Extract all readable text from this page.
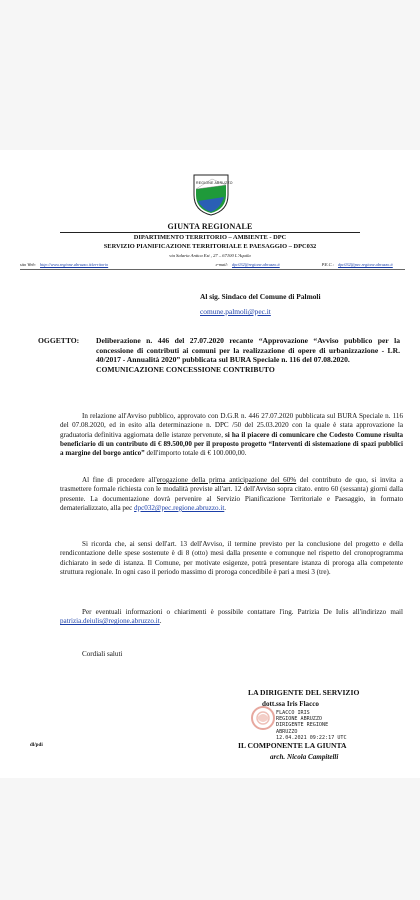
REGIONE ABRUZZO
GIUNTA REGIONALE
DIPARTIMENTO TERRITORIO – AMBIENTE - DPC
SERVIZIO PIANIFICAZIONE TERRITORIALE E PAESAGGIO – DPC032
via Salaria Antica Est , 27 – 67100 L'Aquila
sito Web: http://www.regione.abruzzo.it/territorio	e-mail: dpc032@regione.abruzzo.it	P.E.C.: dpc032@pec.regione.abruzzo.it
Al sig. Sindaco del Comune di Palmoli
comune.palmoli@pec.it
OGGETTO: Deliberazione n. 446 del 27.07.2020 recante “Approvazione “Avviso pubblico per la concessione di contributi ai comuni per la realizzazione di opere di urbanizzazione - LR. 40/2017 - Annualità 2020” pubblicata sul BURA Speciale n. 116 del 07.08.2020.
COMUNICAZIONE CONCESSIONE CONTRIBUTO
In relazione all'Avviso pubblico, approvato con D.G.R n. 446 27.07.2020 pubblicata sul BURA Speciale n. 116 del 07.08.2020, ed in esito alla determinazione n. DPC /50 del 25.03.2020 con la quale è stata approvazione la graduatoria definitiva aggiornata delle istanze pervenute, si ha il piacere di comunicare che Codesto Comune risulta beneficiario di un contributo di € 89.500,00 per il proposto progetto “Interventi di sistemazione di spazi pubblici a margine del borgo antico” dell'importo totale di € 100.000,00.
Al fine di procedere all'erogazione della prima anticipazione del 60% del contributo de quo, si invita a trasmettere formale richiesta con le modalità previste all'art. 12 dell'Avviso sopra citato. entro 60 (sessanta) giorni dalla presente. La documentazione dovrà pervenire al Servizio Pianificazione Territoriale e Paesaggio, in formato dematerializzato, alla pec dpc032@pec.regione.abruzzo.it.
Si ricorda che, ai sensi dell'art. 13 dell'Avviso, il termine previsto per la conclusione del progetto e della rendicontazione delle spese sostenute è di 8 (otto) mesi dalla presente e comunque nel rispetto del cronoprogramma dichiarato in sede di istanza. Il Comune, per motivate esigenze, potrà presentare istanza di proroga alla competente struttura regionale. In ogni caso il periodo massimo di proroga concedibile è pari a mesi 3 (tre).
Per eventuali informazioni o chiarimenti è possibile contattare l'ing. Patrizia De Iulis all'indirizzo mail patrizia.deiulis@regione.abruzzo.it.
Cordiali saluti
LA DIRIGENTE DEL SERVIZIO
dott.ssa Iris Flacco
FLACCO IRIS
REGIONE ABRUZZO
DIRIGENTE REGIONE
ABRUZZO
12.04.2021 09:22:17 UTC
IL COMPONENTE LA GIUNTA
arch. Nicola Campitelli
dl/pdi
